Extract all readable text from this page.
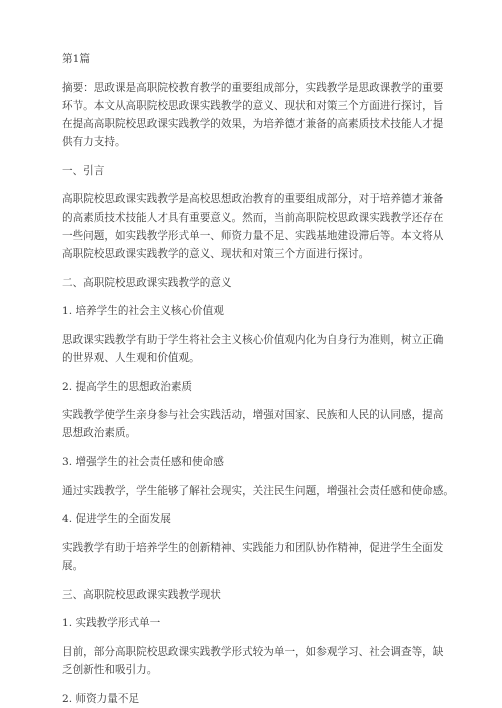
第1篇

摘要：思政课是高职院校教育教学的重要组成部分，实践教学是思政课教学的重要

环节。本文从高职院校思政课实践教学的意义、现状和对策三个方面进行探讨，旨

在提高高职院校思政课实践教学的效果，为培养德才兼备的高素质技术技能人才提

供有力支持。

一、引言

高职院校思政课实践教学是高校思想政治教育的重要组成部分，对于培养德才兼备

的高素质技术技能人才具有重要意义。然而，当前高职院校思政课实践教学还存在

一些问题，如实践教学形式单一、师资力量不足、实践基地建设滞后等。本文将从

高职院校思政课实践教学的意义、现状和对策三个方面进行探讨。

二、高职院校思政课实践教学的意义

1. 培养学生的社会主义核心价值观

思政课实践教学有助于学生将社会主义核心价值观内化为自身行为准则，树立正确

的世界观、人生观和价值观。

2. 提高学生的思想政治素质

实践教学使学生亲身参与社会实践活动，增强对国家、民族和人民的认同感，提高

思想政治素质。

3. 增强学生的社会责任感和使命感

通过实践教学，学生能够了解社会现实，关注民生问题，增强社会责任感和使命感。

4. 促进学生的全面发展

实践教学有助于培养学生的创新精神、实践能力和团队协作精神，促进学生全面发

展。

三、高职院校思政课实践教学现状

1. 实践教学形式单一

目前，部分高职院校思政课实践教学形式较为单一，如参观学习、社会调查等，缺

乏创新性和吸引力。

2. 师资力量不足
